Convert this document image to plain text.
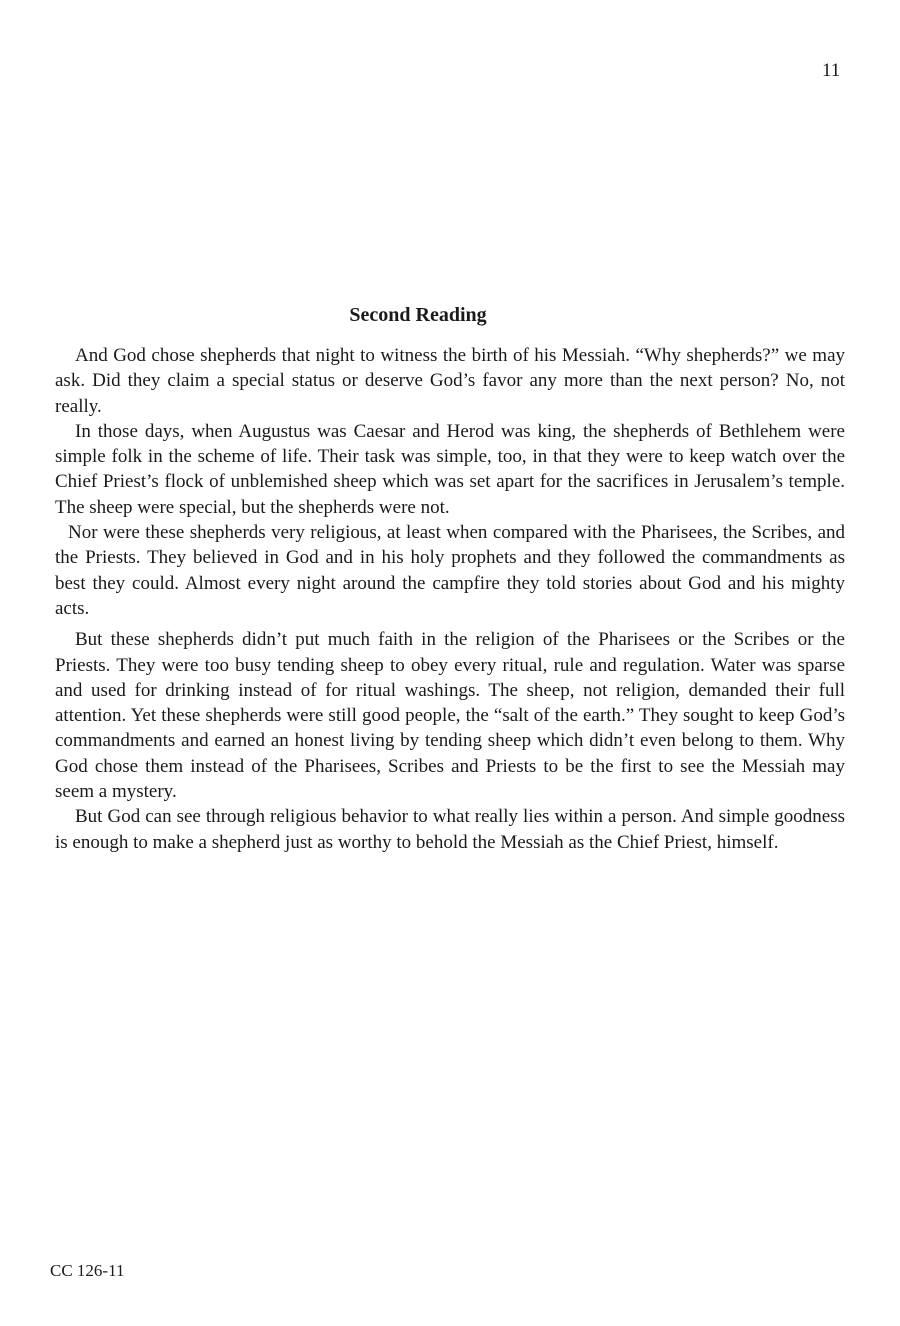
11
Second Reading

And God chose shepherds that night to witness the birth of his Messiah. “Why shepherds?” we may ask. Did they claim a special status or deserve God’s favor any more than the next person? No, not really.

In those days, when Augustus was Caesar and Herod was king, the shepherds of Bethlehem were simple folk in the scheme of life. Their task was simple, too, in that they were to keep watch over the Chief Priest’s flock of unblemished sheep which was set apart for the sacrifices in Jerusalem’s temple. The sheep were special, but the shepherds were not.

Nor were these shepherds very religious, at least when compared with the Pharisees, the Scribes, and the Priests. They believed in God and in his holy prophets and they followed the commandments as best they could. Almost every night around the campfire they told stories about God and his mighty acts.

But these shepherds didn’t put much faith in the religion of the Pharisees or the Scribes or the Priests. They were too busy tending sheep to obey every ritual, rule and regulation. Water was sparse and used for drinking instead of for ritual washings. The sheep, not religion, demanded their full attention. Yet these shepherds were still good people, the “salt of the earth.” They sought to keep God’s commandments and earned an honest living by tending sheep which didn’t even belong to them. Why God chose them instead of the Pharisees, Scribes and Priests to be the first to see the Messiah may seem a mystery.

But God can see through religious behavior to what really lies within a person. And simple goodness is enough to make a shepherd just as worthy to behold the Messiah as the Chief Priest, himself.

CC 126-11
